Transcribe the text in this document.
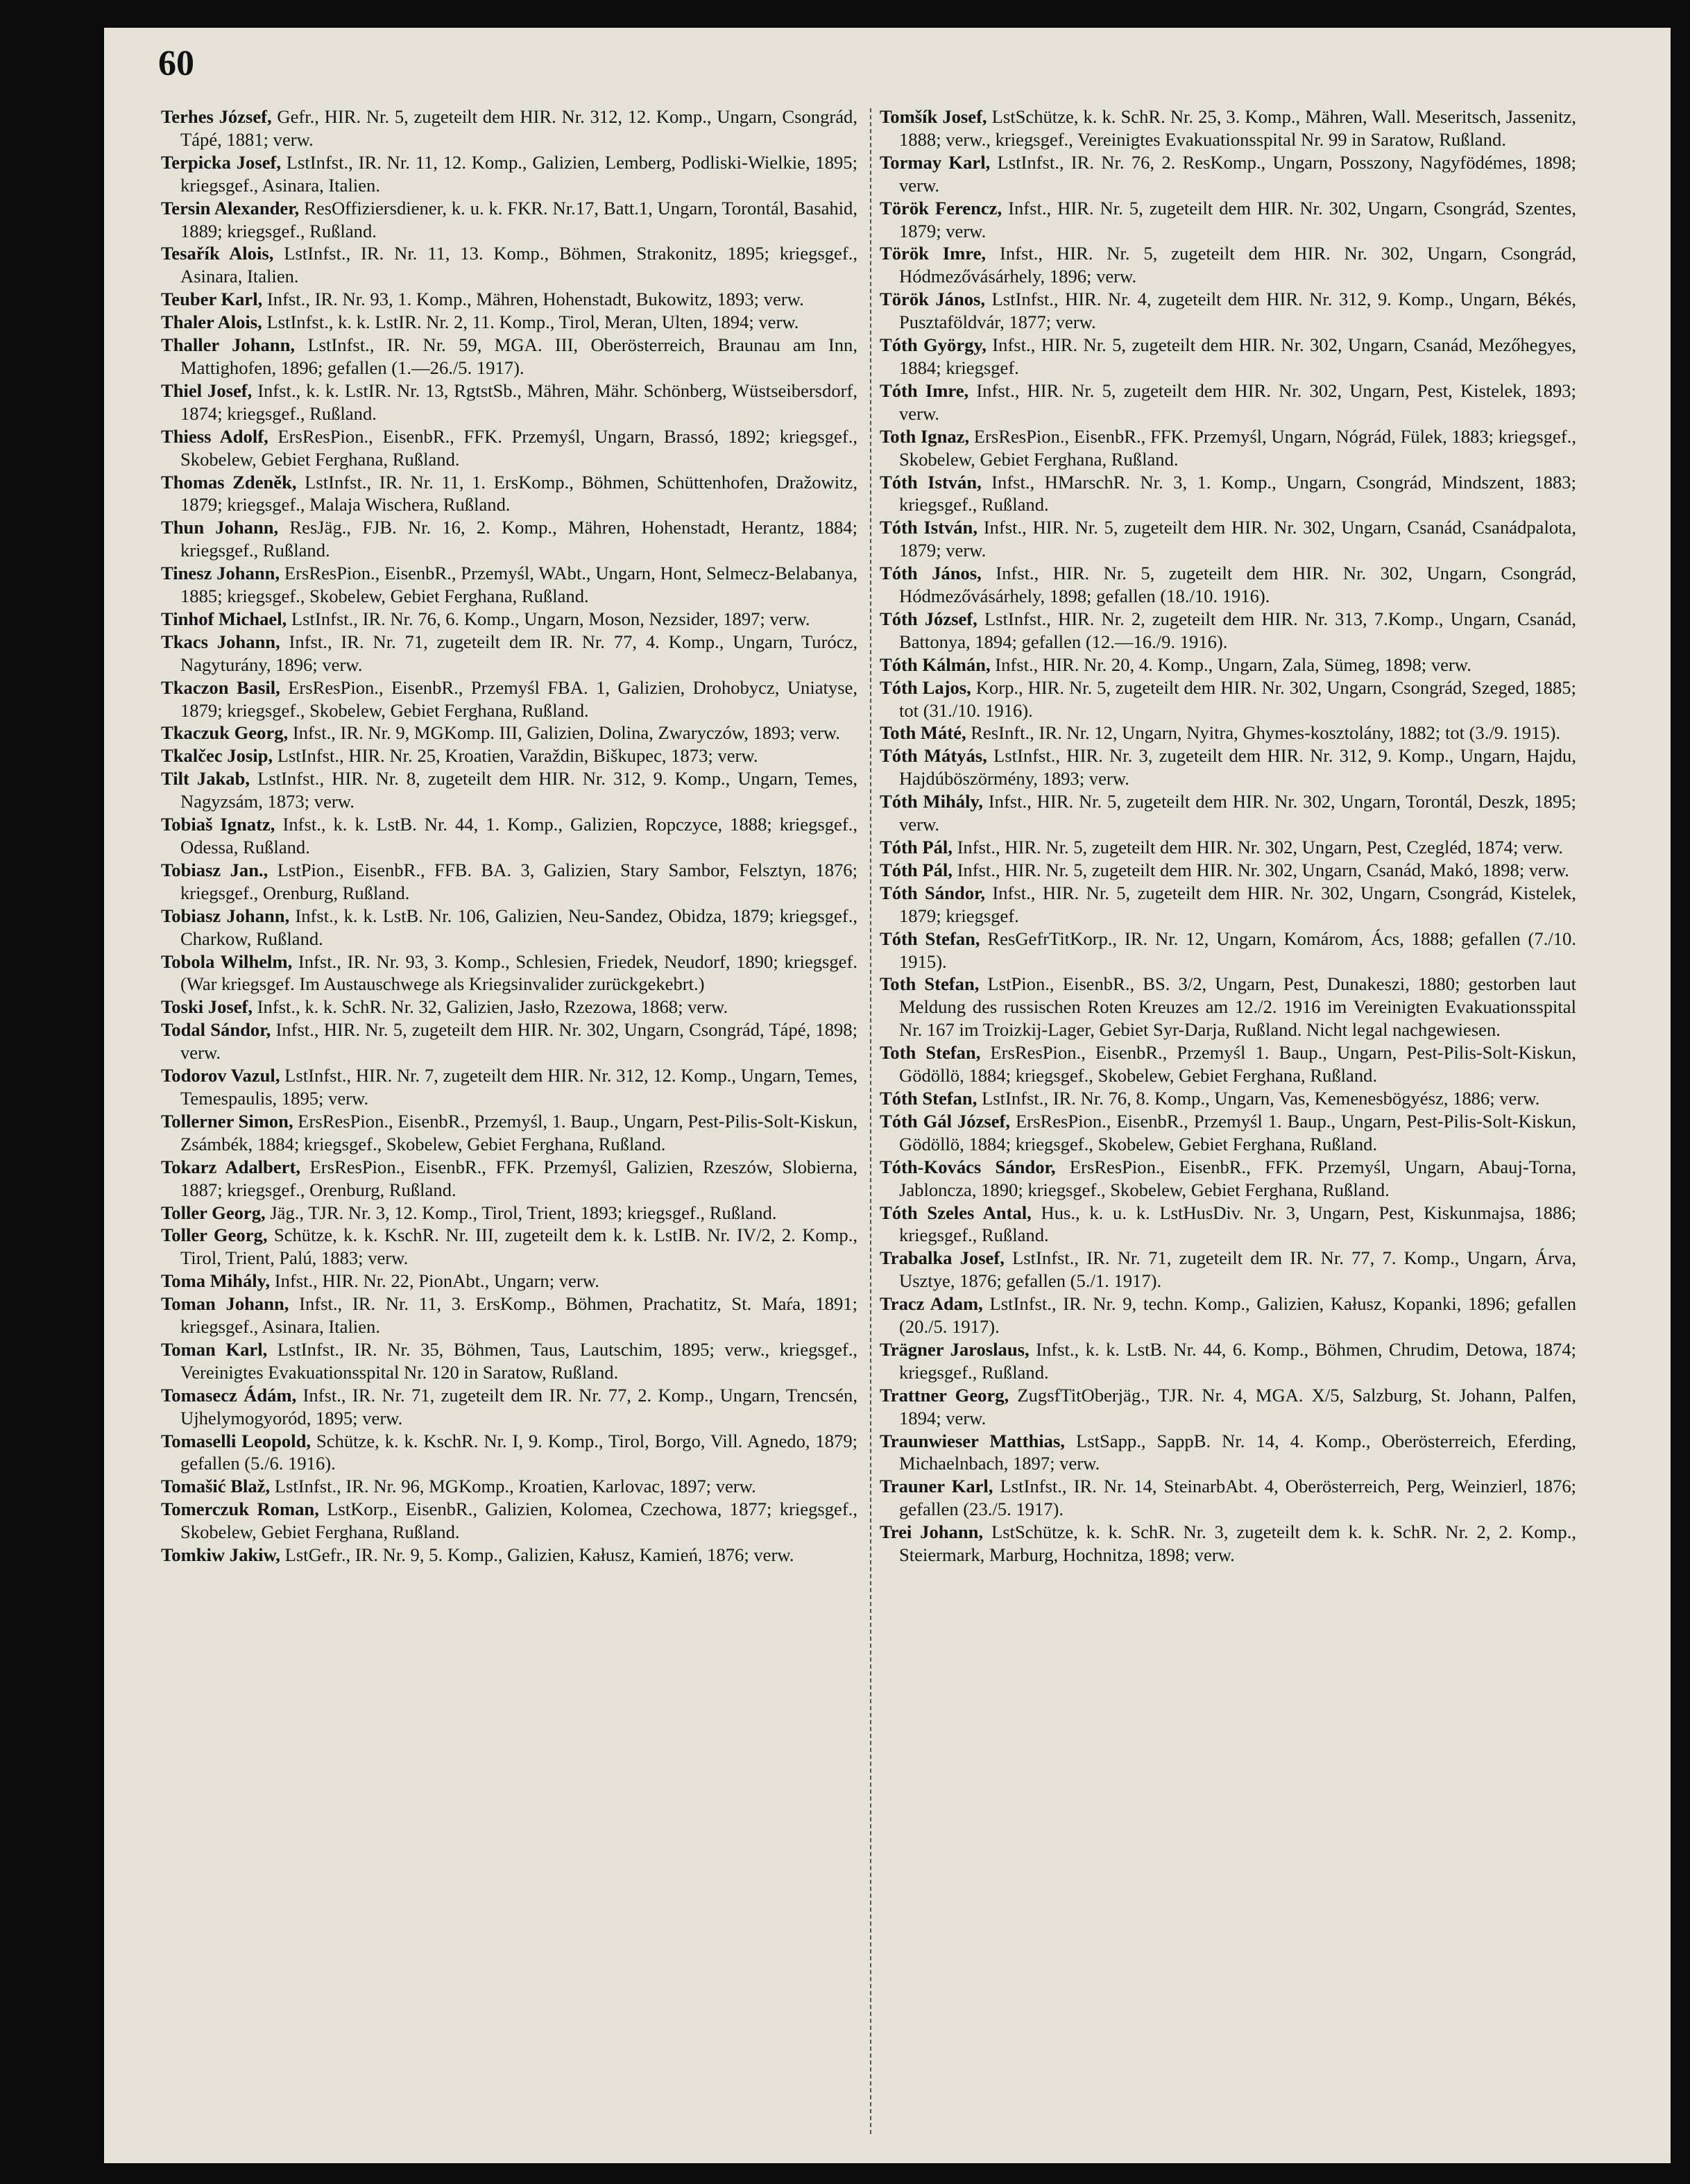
60

Terhes József, Gefr., HIR. Nr. 5, zugeteilt dem HIR. Nr. 312, 12. Komp., Ungarn, Csongrád, Tápé, 1881; verw.

Terpicka Josef, LstInfst., IR. Nr. 11, 12. Komp., Galizien, Lemberg, Podliski-Wielkie, 1895; kriegsgef., Asinara, Italien.

Tersin Alexander, ResOffiziersdiener, k. u. k. FKR. Nr.17, Batt.1, Ungarn, Torontál, Basahid, 1889; kriegsgef., Rußland.

Tesařík Alois, LstInfst., IR. Nr. 11, 13. Komp., Böhmen, Strakonitz, 1895; kriegsgef., Asinara, Italien.

Teuber Karl, Infst., IR. Nr. 93, 1. Komp., Mähren, Hohenstadt, Bukowitz, 1893; verw.

Thaler Alois, LstInfst., k. k. LstIR. Nr. 2, 11. Komp., Tirol, Meran, Ulten, 1894; verw.

Thaller Johann, LstInfst., IR. Nr. 59, MGA. III, Oberösterreich, Braunau am Inn, Mattighofen, 1896; gefallen (1.—26./5. 1917).

Thiel Josef, Infst., k. k. LstIR. Nr. 13, RgtstSb., Mähren, Mähr. Schönberg, Wüstseibersdorf, 1874; kriegsgef., Rußland.

Thiess Adolf, ErsResPion., EisenbR., FFK. Przemyśl, Ungarn, Brassó, 1892; kriegsgef., Skobelew, Gebiet Ferghana, Rußland.

Thomas Zdeněk, LstInfst., IR. Nr. 11, 1. ErsKomp., Böhmen, Schüttenhofen, Dražowitz, 1879; kriegsgef., Malaja Wischera, Rußland.

Thun Johann, ResJäg., FJB. Nr. 16, 2. Komp., Mähren, Hohenstadt, Herantz, 1884; kriegsgef., Rußland.

Tinesz Johann, ErsResPion., EisenbR., Przemyśl, WAbt., Ungarn, Hont, Selmecz-Belabanya, 1885; kriegsgef., Skobelew, Gebiet Ferghana, Rußland.

Tinhof Michael, LstInfst., IR. Nr. 76, 6. Komp., Ungarn, Moson, Nezsider, 1897; verw.

Tkacs Johann, Infst., IR. Nr. 71, zugeteilt dem IR. Nr. 77, 4. Komp., Ungarn, Turócz, Nagyturány, 1896; verw.

Tkaczon Basil, ErsResPion., EisenbR., Przemyśl FBA. 1, Galizien, Drohobycz, Uniatyse, 1879; kriegsgef., Skobelew, Gebiet Ferghana, Rußland.

Tkaczuk Georg, Infst., IR. Nr. 9, MGKomp. III, Galizien, Dolina, Zwaryczów, 1893; verw.

Tkalčec Josip, LstInfst., HIR. Nr. 25, Kroatien, Varaždin, Biškupec, 1873; verw.

Tilt Jakab, LstInfst., HIR. Nr. 8, zugeteilt dem HIR. Nr. 312, 9. Komp., Ungarn, Temes, Nagyzsám, 1873; verw.

Tobiaš Ignatz, Infst., k. k. LstB. Nr. 44, 1. Komp., Galizien, Ropczyce, 1888; kriegsgef., Odessa, Rußland.

Tobiasz Jan., LstPion., EisenbR., FFB. BA. 3, Galizien, Stary Sambor, Felsztyn, 1876; kriegsgef., Orenburg, Rußland.

Tobiasz Johann, Infst., k. k. LstB. Nr. 106, Galizien, Neu-Sandez, Obidza, 1879; kriegsgef., Charkow, Rußland.

Tobola Wilhelm, Infst., IR. Nr. 93, 3. Komp., Schlesien, Friedek, Neudorf, 1890; kriegsgef. (War kriegsgef. Im Austauschwege als Kriegsinvalider zurückgekebrt.)

Toski Josef, Infst., k. k. SchR. Nr. 32, Galizien, Jasło, Rzezowa, 1868; verw.

Todal Sándor, Infst., HIR. Nr. 5, zugeteilt dem HIR. Nr. 302, Ungarn, Csongrád, Tápé, 1898; verw.

Todorov Vazul, LstInfst., HIR. Nr. 7, zugeteilt dem HIR. Nr. 312, 12. Komp., Ungarn, Temes, Temespaulis, 1895; verw.

Tollerner Simon, ErsResPion., EisenbR., Przemyśl, 1. Baup., Ungarn, Pest-Pilis-Solt-Kiskun, Zsámbék, 1884; kriegsgef., Skobelew, Gebiet Ferghana, Rußland.

Tokarz Adalbert, ErsResPion., EisenbR., FFK. Przemyśl, Galizien, Rzeszów, Slobierna, 1887; kriegsgef., Orenburg, Rußland.

Toller Georg, Jäg., TJR. Nr. 3, 12. Komp., Tirol, Trient, 1893; kriegsgef., Rußland.

Toller Georg, Schütze, k. k. KschR. Nr. III, zugeteilt dem k. k. LstIB. Nr. IV/2, 2. Komp., Tirol, Trient, Palú, 1883; verw.

Toma Mihály, Infst., HIR. Nr. 22, PionAbt., Ungarn; verw.

Toman Johann, Infst., IR. Nr. 11, 3. ErsKomp., Böhmen, Prachatitz, St. Maŕa, 1891; kriegsgef., Asinara, Italien.

Toman Karl, LstInfst., IR. Nr. 35, Böhmen, Taus, Lautschim, 1895; verw., kriegsgef., Vereinigtes Evakuationsspital Nr. 120 in Saratow, Rußland.

Tomasecz Ádám, Infst., IR. Nr. 71, zugeteilt dem IR. Nr. 77, 2. Komp., Ungarn, Trencsén, Ujhelymogyoród, 1895; verw.

Tomaselli Leopold, Schütze, k. k. KschR. Nr. I, 9. Komp., Tirol, Borgo, Vill. Agnedo, 1879; gefallen (5./6. 1916).

Tomašić Blaž, LstInfst., IR. Nr. 96, MGKomp., Kroatien, Karlovac, 1897; verw.

Tomerczuk Roman, LstKorp., EisenbR., Galizien, Kolomea, Czechowa, 1877; kriegsgef., Skobelew, Gebiet Ferghana, Rußland.

Tomkiw Jakiw, LstGefr., IR. Nr. 9, 5. Komp., Galizien, Kałusz, Kamień, 1876; verw.

Tomšík Josef, LstSchütze, k. k. SchR. Nr. 25, 3. Komp., Mähren, Wall. Meseritsch, Jassenitz, 1888; verw., kriegsgef., Vereinigtes Evakuationsspital Nr. 99 in Saratow, Rußland.

Tormay Karl, LstInfst., IR. Nr. 76, 2. ResKomp., Ungarn, Posszony, Nagyfödémes, 1898; verw.

Török Ferencz, Infst., HIR. Nr. 5, zugeteilt dem HIR. Nr. 302, Ungarn, Csongrád, Szentes, 1879; verw.

Török Imre, Infst., HIR. Nr. 5, zugeteilt dem HIR. Nr. 302, Ungarn, Csongrád, Hódmezővásárhely, 1896; verw.

Török János, LstInfst., HIR. Nr. 4, zugeteilt dem HIR. Nr. 312, 9. Komp., Ungarn, Békés, Pusztaföldvár, 1877; verw.

Tóth György, Infst., HIR. Nr. 5, zugeteilt dem HIR. Nr. 302, Ungarn, Csanád, Mezőhegyes, 1884; kriegsgef.

Tóth Imre, Infst., HIR. Nr. 5, zugeteilt dem HIR. Nr. 302, Ungarn, Pest, Kistelek, 1893; verw.

Toth Ignaz, ErsResPion., EisenbR., FFK. Przemyśl, Ungarn, Nógrád, Fülek, 1883; kriegsgef., Skobelew, Gebiet Ferghana, Rußland.

Tóth István, Infst., HMarschR. Nr. 3, 1. Komp., Ungarn, Csongrád, Mindszent, 1883; kriegsgef., Rußland.

Tóth István, Infst., HIR. Nr. 5, zugeteilt dem HIR. Nr. 302, Ungarn, Csanád, Csanádpalota, 1879; verw.

Tóth János, Infst., HIR. Nr. 5, zugeteilt dem HIR. Nr. 302, Ungarn, Csongrád, Hódmezővásárhely, 1898; gefallen (18./10. 1916).

Tóth József, LstInfst., HIR. Nr. 2, zugeteilt dem HIR. Nr. 313, 7.Komp., Ungarn, Csanád, Battonya, 1894; gefallen (12.—16./9. 1916).

Tóth Kálmán, Infst., HIR. Nr. 20, 4. Komp., Ungarn, Zala, Sümeg, 1898; verw.

Tóth Lajos, Korp., HIR. Nr. 5, zugeteilt dem HIR. Nr. 302, Ungarn, Csongrád, Szeged, 1885; tot (31./10. 1916).

Toth Máté, ResInft., IR. Nr. 12, Ungarn, Nyitra, Ghymes-kosztolány, 1882; tot (3./9. 1915).

Tóth Mátyás, LstInfst., HIR. Nr. 3, zugeteilt dem HIR. Nr. 312, 9. Komp., Ungarn, Hajdu, Hajdúböszörmény, 1893; verw.

Tóth Mihály, Infst., HIR. Nr. 5, zugeteilt dem HIR. Nr. 302, Ungarn, Torontál, Deszk, 1895; verw.

Tóth Pál, Infst., HIR. Nr. 5, zugeteilt dem HIR. Nr. 302, Ungarn, Pest, Czegléd, 1874; verw.

Tóth Pál, Infst., HIR. Nr. 5, zugeteilt dem HIR. Nr. 302, Ungarn, Csanád, Makó, 1898; verw.

Tóth Sándor, Infst., HIR. Nr. 5, zugeteilt dem HIR. Nr. 302, Ungarn, Csongrád, Kistelek, 1879; kriegsgef.

Tóth Stefan, ResGefrTitKorp., IR. Nr. 12, Ungarn, Komárom, Ács, 1888; gefallen (7./10. 1915).

Toth Stefan, LstPion., EisenbR., BS. 3/2, Ungarn, Pest, Dunakeszi, 1880; gestorben laut Meldung des russischen Roten Kreuzes am 12./2. 1916 im Vereinigten Evakuationsspital Nr. 167 im Troizkij-Lager, Gebiet Syr-Darja, Rußland. Nicht legal nachgewiesen.

Toth Stefan, ErsResPion., EisenbR., Przemyśl 1. Baup., Ungarn, Pest-Pilis-Solt-Kiskun, Gödöllö, 1884; kriegsgef., Skobelew, Gebiet Ferghana, Rußland.

Tóth Stefan, LstInfst., IR. Nr. 76, 8. Komp., Ungarn, Vas, Kemenesbögyész, 1886; verw.

Tóth Gál József, ErsResPion., EisenbR., Przemyśl 1. Baup., Ungarn, Pest-Pilis-Solt-Kiskun, Gödöllö, 1884; kriegsgef., Skobelew, Gebiet Ferghana, Rußland.

Tóth-Kovács Sándor, ErsResPion., EisenbR., FFK. Przemyśl, Ungarn, Abauj-Torna, Jabloncza, 1890; kriegsgef., Skobelew, Gebiet Ferghana, Rußland.

Tóth Szeles Antal, Hus., k. u. k. LstHusDiv. Nr. 3, Ungarn, Pest, Kiskunmajsa, 1886; kriegsgef., Rußland.

Trabalka Josef, LstInfst., IR. Nr. 71, zugeteilt dem IR. Nr. 77, 7. Komp., Ungarn, Árva, Usztye, 1876; gefallen (5./1. 1917).

Tracz Adam, LstInfst., IR. Nr. 9, techn. Komp., Galizien, Kałusz, Kopanki, 1896; gefallen (20./5. 1917).

Trägner Jaroslaus, Infst., k. k. LstB. Nr. 44, 6. Komp., Böhmen, Chrudim, Detowa, 1874; kriegsgef., Rußland.

Trattner Georg, ZugsfTitOberjäg., TJR. Nr. 4, MGA. X/5, Salzburg, St. Johann, Palfen, 1894; verw.

Traunwieser Matthias, LstSapp., SappB. Nr. 14, 4. Komp., Oberösterreich, Eferding, Michaelnbach, 1897; verw.

Trauner Karl, LstInfst., IR. Nr. 14, SteinarbAbt. 4, Oberösterreich, Perg, Weinzierl, 1876; gefallen (23./5. 1917).

Trei Johann, LstSchütze, k. k. SchR. Nr. 3, zugeteilt dem k. k. SchR. Nr. 2, 2. Komp., Steiermark, Marburg, Hochnitza, 1898; verw.
